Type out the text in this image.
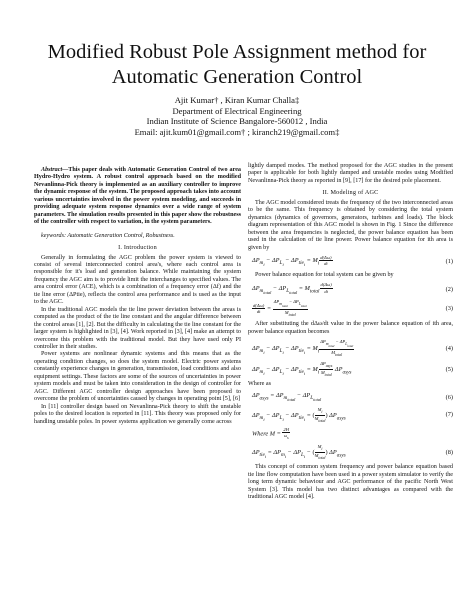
Modified Robust Pole Assignment method for Automatic Generation Control
Ajit Kumar† , Kiran Kumar Challa‡
Department of Electrical Engineering
Indian Institute of Science Bangalore-560012 , India
Email: ajit.kum01@gmail.com† ; kiranch219@gmail.com‡

Abstract—This paper deals with Automatic Generation Control of two area Hydro-Hydro system. A robust control approach based on the modified Nevanlinna-Pick theory is implemented as an auxiliary controller to improve the dynamic response of the system. The proposed approach takes into account various uncertainties involved in the power system modeling, and succeeds in providing adequate system response dynamics over a wide range of system parameters. The simulation results presented in this paper show the robustness of the controller with respect to variation, in the system parameters.

keywords: Automatic Generation Control, Robustness.

I. Introduction

Generally in formulating the AGC problem the power system is viewed to consist of several interconnected control area's, where each control area is responsible for it's load and generation balance. While maintaining the system frequency the AGC aim is to provide limit the interchanges to specified values. The area control error (ACE), which is a combination of a frequency error (Δf) and the tie line error (ΔPtie), reflects the control area performance and is used as the input to the AGC.

In the traditional AGC models the tie line power deviation between the areas is computed as the product of the tie line constant and the angular difference between the control areas [1], [2]. But the difficulty in calculating the tie line constant for the larger system is highlighted in [3], [4]. Work reported in [3], [4] make an attempt to overcome this problem with the traditional model. But they have used only PI controller in their studies.

Power systems are nonlinear dynamic systems and this means that as the operating condition changes, so does the system model. Electric power systems constantly experience changes in generation, transmission, load conditions and also equipment settings. These factors are some of the sources of uncertainties in power system models and must be taken into consideration in the design of controller for AGC. Different AGC controller design approaches have been proposed to overcome the problem of uncertainties caused by changes in operating point [5], [6]

In [11] controller design based on Nevanlinna-Pick theory to shift the unstable poles to the desired location is reported in [11]. This theory was proposed only for handling unstable poles. In power systems application we generally come across

lightly damped modes. The method proposed for the AGC studies in the present paper is applicable for both lightly damped and unstable modes using Modified Nevanlinna-Pick theory as reported in [9], [17] for the desired pole placement.

II. Modeling of AGC

The AGC model considered treats the frequency of the two interconnected areas to be the same. This frequency is obtained by considering the total system dynamics (dynamics of governors, generators, turbines and loads). The block diagram representation of this AGC model is shown in Fig. 1 Since the difference between the area frequencies is neglected, the power balance equation has been used in the calculation of tie line power. Power balance equation for ith area is given by

$\Delta P_{m_i} - \Delta P_{L_i} - \Delta P_{tie_i} = M_i \frac{d(\Delta\omega)}{dt}$	(1)

Power balance equation for total system can be given by

$\Delta P_{m_{total}} - \Delta P_{L_{total}} = M_{total} \frac{d(\Delta\omega)}{dt}$	(2)
$\frac{d(\Delta\omega)}{dt} = \frac{\Delta P_{m_{total}} - \Delta P_{L_{total}}}{M_{total}}$	(3)

After substituting the dΔω/dt value in the power balance equation of ith area, power balance equation becomes

$\Delta P_{m_i} - \Delta P_{L_i} - \Delta P_{tie_i} = M_i \frac{\Delta P_{m_{total}} - \Delta P_{L_{total}}}{M_{total}}$	(4)
$\Delta P_{m_i} - \Delta P_{L_i} - \Delta P_{tie_i} = M_i \frac{\Delta P_{asys}}{M_{total}} \Delta P_{asys}$	(5)
Where as
$\Delta P_{asys} = \Delta P_{m_{total}} - \Delta P_{L_{total}}$	(6)
$\Delta P_{m_i} - \Delta P_{L_i} - \Delta P_{tie_i}$ = ( $\frac{M_i}{M_{total}}$ ) $\Delta P_{asys}$	(7)
Where $M = \frac{2H}{\omega_s}$
$\Delta P_{tie_i} = \Delta P_{m_i} - \Delta P_{L_i}$ − ( $\frac{M_i}{M_{total}}$ ) $\Delta P_{asys}$	(8)

This concept of common system frequency and power balance equation based tie line flow computation have been used in a power system simulator to verify the long term dynamic behaviour and AGC performance of the pacific North West System [3]. This model has two distinct advantages as compared with the traditional AGC model [4].
